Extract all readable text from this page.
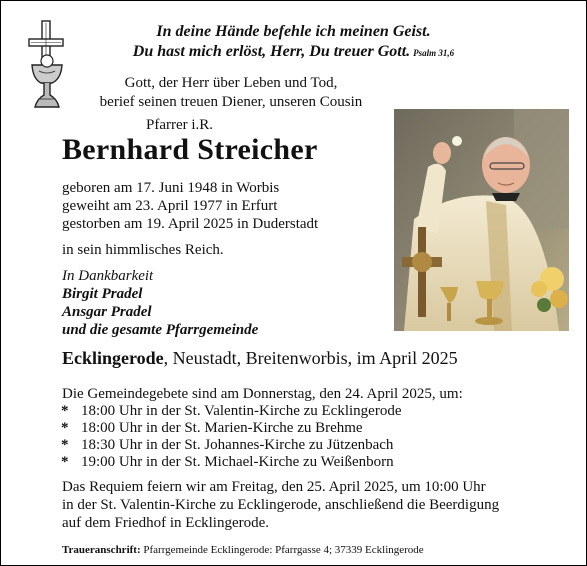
In deine Hände befehle ich meinen Geist.
Du hast mich erlöst, Herr, Du treuer Gott. Psalm 31,6
Gott, der Herr über Leben und Tod,
berief seinen treuen Diener, unseren Cousin
Pfarrer i.R.
Bernhard Streicher
geboren am 17. Juni 1948 in Worbis
geweiht am 23. April 1977 in Erfurt
gestorben am 19. April 2025 in Duderstadt
in sein himmlisches Reich.
In Dankbarkeit
Birgit Pradel
Ansgar Pradel
und die gesamte Pfarrgemeinde
Ecklingerode, Neustadt, Breitenworbis, im April 2025
Die Gemeindegebete sind am Donnerstag, den 24. April 2025, um:
* 18:00 Uhr in der St. Valentin-Kirche zu Ecklingerode
* 18:00 Uhr in der St. Marien-Kirche zu Brehme
* 18:30 Uhr in der St. Johannes-Kirche zu Jützenbach
* 19:00 Uhr in der St. Michael-Kirche zu Weißenborn
Das Requiem feiern wir am Freitag, den 25. April 2025, um 10:00 Uhr
in der St. Valentin-Kirche zu Ecklingerode, anschließend die Beerdigung
auf dem Friedhof in Ecklingerode.
Traueranschrift: Pfarrgemeinde Ecklingerode: Pfarrgasse 4; 37339 Ecklingerode
